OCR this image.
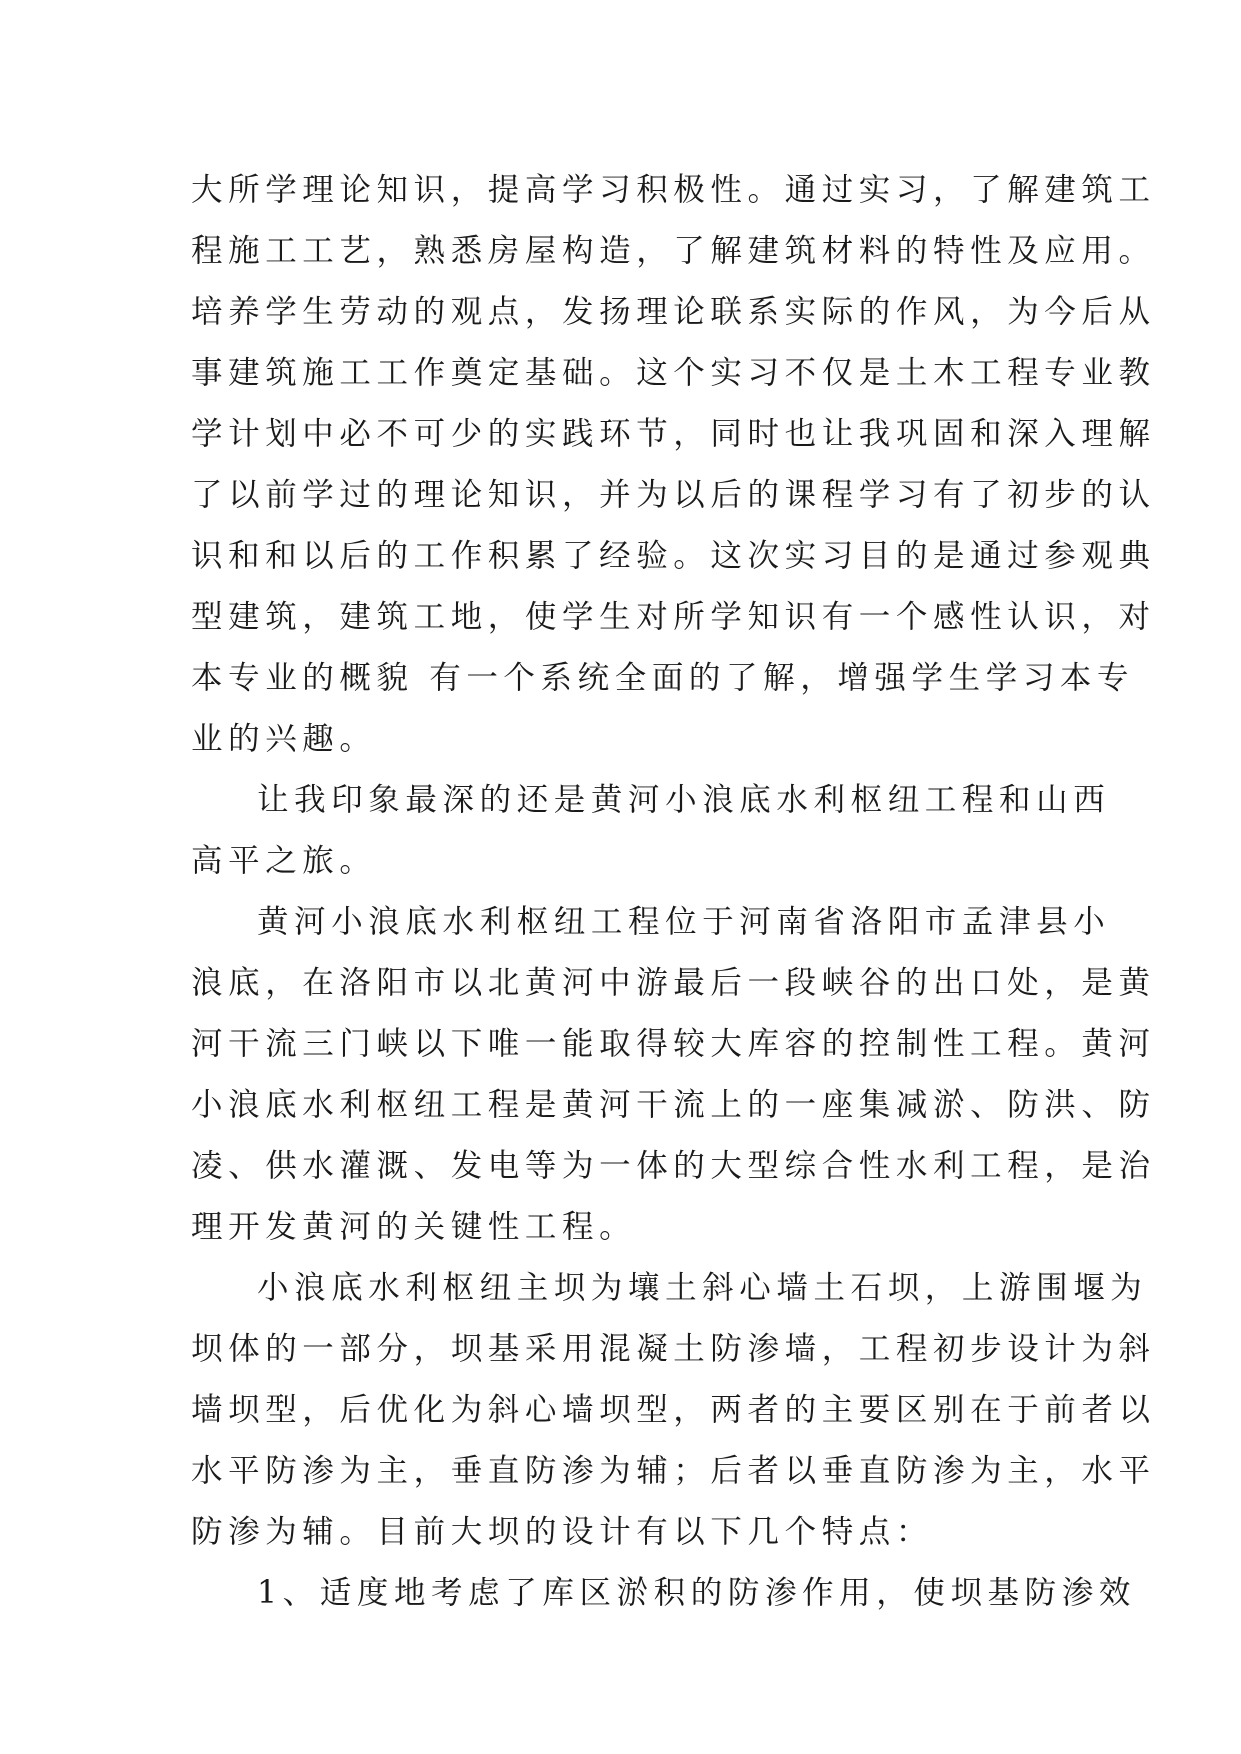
大所学理论知识，提高学习积极性。通过实习，了解建筑工
程施工工艺，熟悉房屋构造，了解建筑材料的特性及应用。
培养学生劳动的观点，发扬理论联系实际的作风，为今后从
事建筑施工工作奠定基础。这个实习不仅是土木工程专业教
学计划中必不可少的实践环节，同时也让我巩固和深入理解
了以前学过的理论知识，并为以后的课程学习有了初步的认
识和和以后的工作积累了经验。这次实习目的是通过参观典
型建筑，建筑工地，使学生对所学知识有一个感性认识，对
本专业的概貌 有一个系统全面的了解，增强学生学习本专
业的兴趣。
让我印象最深的还是黄河小浪底水利枢纽工程和山西
高平之旅。
黄河小浪底水利枢纽工程位于河南省洛阳市孟津县小
浪底，在洛阳市以北黄河中游最后一段峡谷的出口处，是黄
河干流三门峡以下唯一能取得较大库容的控制性工程。黄河
小浪底水利枢纽工程是黄河干流上的一座集减淤、防洪、防
凌、供水灌溉、发电等为一体的大型综合性水利工程，是治
理开发黄河的关键性工程。
小浪底水利枢纽主坝为壤土斜心墙土石坝，上游围堰为
坝体的一部分，坝基采用混凝土防渗墙，工程初步设计为斜
墙坝型，后优化为斜心墙坝型，两者的主要区别在于前者以
水平防渗为主，垂直防渗为辅；后者以垂直防渗为主，水平
防渗为辅。目前大坝的设计有以下几个特点：
1、适度地考虑了库区淤积的防渗作用，使坝基防渗效
